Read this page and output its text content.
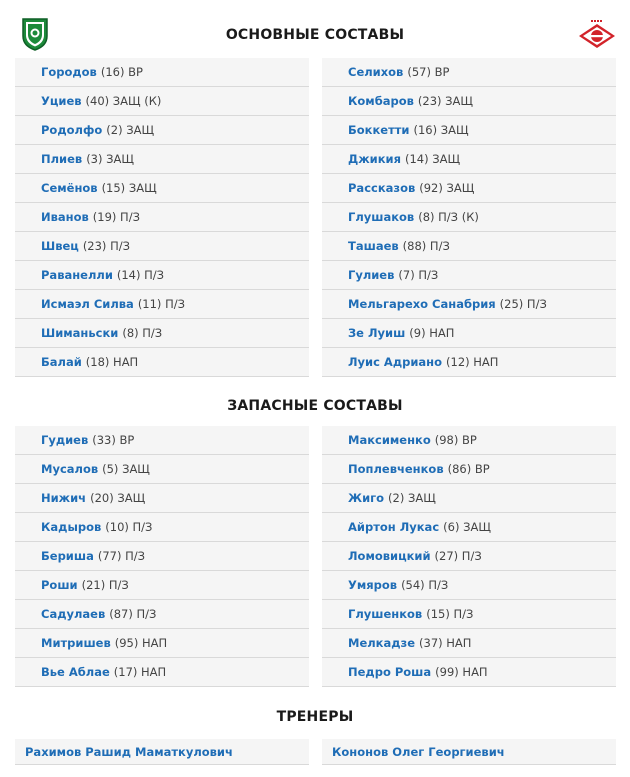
ОСНОВНЫЕ СОСТАВЫ
Городов (16) ВР
Уциев (40) ЗАЩ (К)
Родолфо (2) ЗАЩ
Плиев (3) ЗАЩ
Семёнов (15) ЗАЩ
Иванов (19) П/З
Швец (23) П/З
Раванелли (14) П/З
Исмаэл Силва (11) П/З
Шиманьски (8) П/З
Балай (18) НАП
Селихов (57) ВР
Комбаров (23) ЗАЩ
Боккетти (16) ЗАЩ
Джикия (14) ЗАЩ
Рассказов (92) ЗАЩ
Глушаков (8) П/З (К)
Ташаев (88) П/З
Гулиев (7) П/З
Мельгарехо Санабрия (25) П/З
Зе Луиш (9) НАП
Луис Адриано (12) НАП
ЗАПАСНЫЕ СОСТАВЫ
Гудиев (33) ВР
Мусалов (5) ЗАЩ
Нижич (20) ЗАЩ
Кадыров (10) П/З
Бериша (77) П/З
Роши (21) П/З
Садулаев (87) П/З
Митришев (95) НАП
Вье Аблае (17) НАП
Максименко (98) ВР
Поплевченков (86) ВР
Жиго (2) ЗАЩ
Айртон Лукас (6) ЗАЩ
Ломовицкий (27) П/З
Умяров (54) П/З
Глушенков (15) П/З
Мелкадзе (37) НАП
Педро Роша (99) НАП
ТРЕНЕРЫ
Рахимов Рашид Маматкулович	Кононов Олег Георгиевич
